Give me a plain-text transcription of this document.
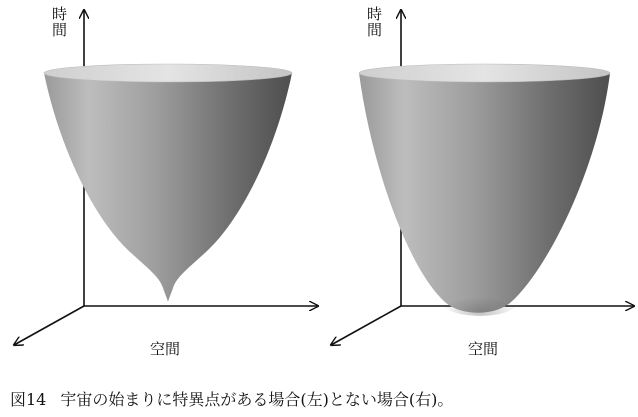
時間
空間
時間
空間
図14 宇宙の始まりに特異点がある場合(左)とない場合(右)。
